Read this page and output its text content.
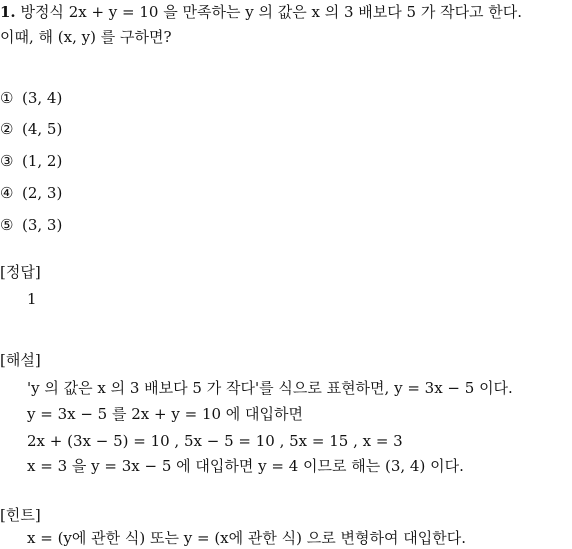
1. 방정식 2x + y = 10 을 만족하는 y 의 값은 x 의 3 배보다 5 가 작다고 한다.
이때, 해 (x, y) 를 구하면?
① (3, 4)
② (4, 5)
③ (1, 2)
④ (2, 3)
⑤ (3, 3)
[정답]
1
[해설]
'y 의 값은 x 의 3 배보다 5 가 작다'를 식으로 표현하면, y = 3x − 5 이다.
y = 3x − 5 를 2x + y = 10 에 대입하면
2x + (3x − 5) = 10 , 5x − 5 = 10 , 5x = 15 , x = 3
x = 3 을 y = 3x − 5 에 대입하면 y = 4 이므로 해는 (3, 4) 이다.
[힌트]
x = (y에 관한 식) 또는 y = (x에 관한 식) 으로 변형하여 대입한다.
